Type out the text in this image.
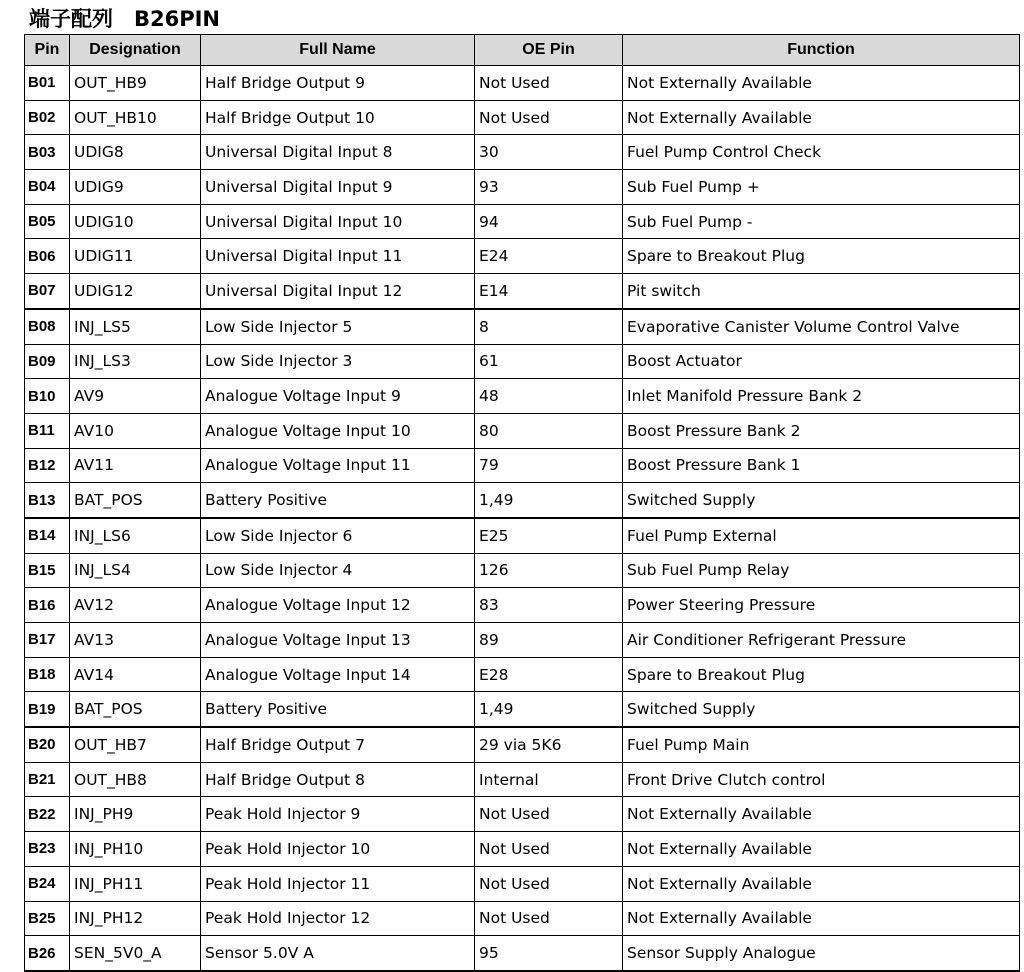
端子配列　B26PIN
Pin	Designation	Full Name	OE Pin	Function
B01	OUT_HB9	Half Bridge Output 9	Not Used	Not Externally Available
B02	OUT_HB10	Half Bridge Output 10	Not Used	Not Externally Available
B03	UDIG8	Universal Digital Input 8	30	Fuel Pump Control Check
B04	UDIG9	Universal Digital Input 9	93	Sub Fuel Pump +
B05	UDIG10	Universal Digital Input 10	94	Sub Fuel Pump -
B06	UDIG11	Universal Digital Input 11	E24	Spare to Breakout Plug
B07	UDIG12	Universal Digital Input 12	E14	Pit switch
B08	INJ_LS5	Low Side Injector 5	8	Evaporative Canister Volume Control Valve
B09	INJ_LS3	Low Side Injector 3	61	Boost Actuator
B10	AV9	Analogue Voltage Input 9	48	Inlet Manifold Pressure Bank 2
B11	AV10	Analogue Voltage Input 10	80	Boost Pressure Bank 2
B12	AV11	Analogue Voltage Input 11	79	Boost Pressure Bank 1
B13	BAT_POS	Battery Positive	1,49	Switched Supply
B14	INJ_LS6	Low Side Injector 6	E25	Fuel Pump External
B15	INJ_LS4	Low Side Injector 4	126	Sub Fuel Pump Relay
B16	AV12	Analogue Voltage Input 12	83	Power Steering Pressure
B17	AV13	Analogue Voltage Input 13	89	Air Conditioner Refrigerant Pressure
B18	AV14	Analogue Voltage Input 14	E28	Spare to Breakout Plug
B19	BAT_POS	Battery Positive	1,49	Switched Supply
B20	OUT_HB7	Half Bridge Output 7	29 via 5K6	Fuel Pump Main
B21	OUT_HB8	Half Bridge Output 8	Internal	Front Drive Clutch control
B22	INJ_PH9	Peak Hold Injector 9	Not Used	Not Externally Available
B23	INJ_PH10	Peak Hold Injector 10	Not Used	Not Externally Available
B24	INJ_PH11	Peak Hold Injector 11	Not Used	Not Externally Available
B25	INJ_PH12	Peak Hold Injector 12	Not Used	Not Externally Available
B26	SEN_5V0_A	Sensor 5.0V A	95	Sensor Supply Analogue
